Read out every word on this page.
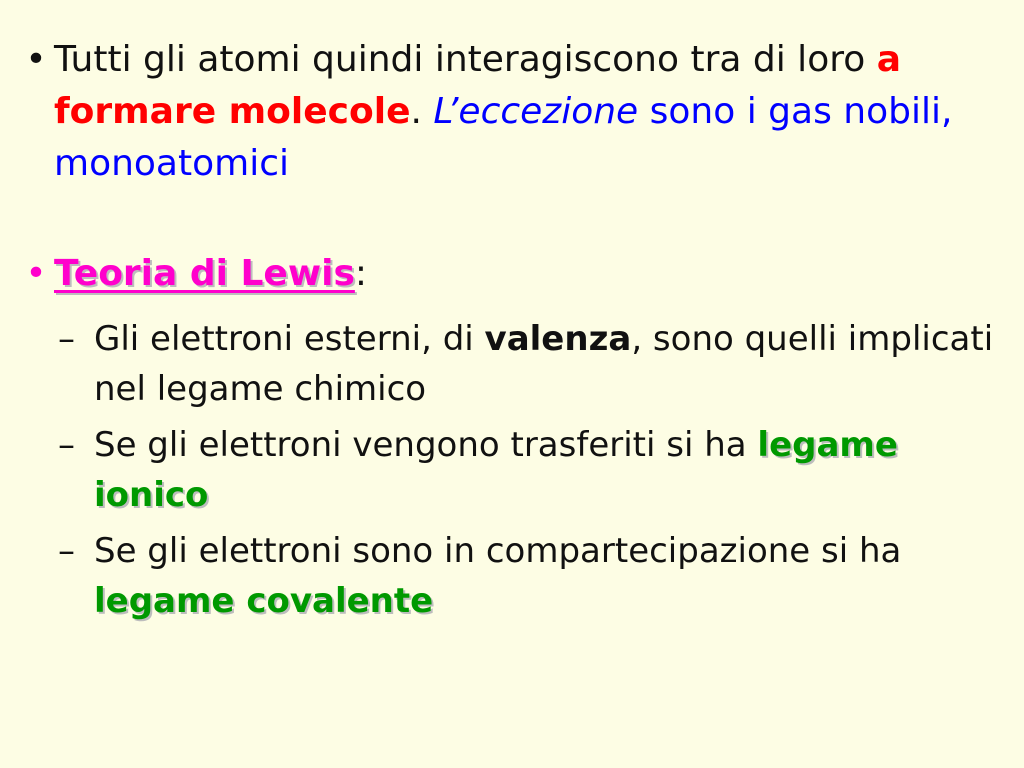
• Tutti gli atomi quindi interagiscono tra di loro a formare molecole. L’eccezione sono i gas nobili, monoatomici
• Teoria di Lewis:
– Gli elettroni esterni, di valenza, sono quelli implicati nel legame chimico
– Se gli elettroni vengono trasferiti si ha legame ionico
– Se gli elettroni sono in compartecipazione si ha legame covalente
